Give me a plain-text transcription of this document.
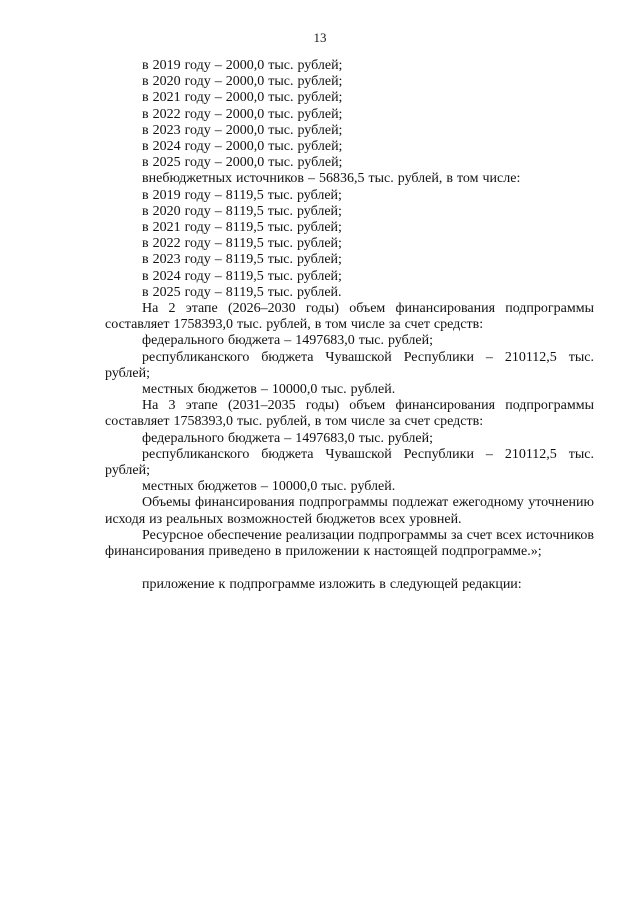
13

в 2019 году – 2000,0 тыс. рублей;

в 2020 году – 2000,0 тыс. рублей;

в 2021 году – 2000,0 тыс. рублей;

в 2022 году – 2000,0 тыс. рублей;

в 2023 году – 2000,0 тыс. рублей;

в 2024 году – 2000,0 тыс. рублей;

в 2025 году – 2000,0 тыс. рублей;

внебюджетных источников – 56836,5 тыс. рублей, в том числе:

в 2019 году – 8119,5 тыс. рублей;

в 2020 году – 8119,5 тыс. рублей;

в 2021 году – 8119,5 тыс. рублей;

в 2022 году – 8119,5 тыс. рублей;

в 2023 году – 8119,5 тыс. рублей;

в 2024 году – 8119,5 тыс. рублей;

в 2025 году – 8119,5 тыс. рублей.

На 2 этапе (2026–2030 годы) объем финансирования подпрограммы составляет 1758393,0 тыс. рублей, в том числе за счет средств:

федерального бюджета – 1497683,0 тыс. рублей;

республиканского бюджета Чувашской Республики – 210112,5 тыс. рублей;

местных бюджетов – 10000,0 тыс. рублей.

На 3 этапе (2031–2035 годы) объем финансирования подпрограммы составляет 1758393,0 тыс. рублей, в том числе за счет средств:

федерального бюджета – 1497683,0 тыс. рублей;

республиканского бюджета Чувашской Республики – 210112,5 тыс. рублей;

местных бюджетов – 10000,0 тыс. рублей.

Объемы финансирования подпрограммы подлежат ежегодному уточнению исходя из реальных возможностей бюджетов всех уровней.

Ресурсное обеспечение реализации подпрограммы за счет всех источников финансирования приведено в приложении к настоящей подпрограмме.»;

приложение к подпрограмме изложить в следующей редакции:
